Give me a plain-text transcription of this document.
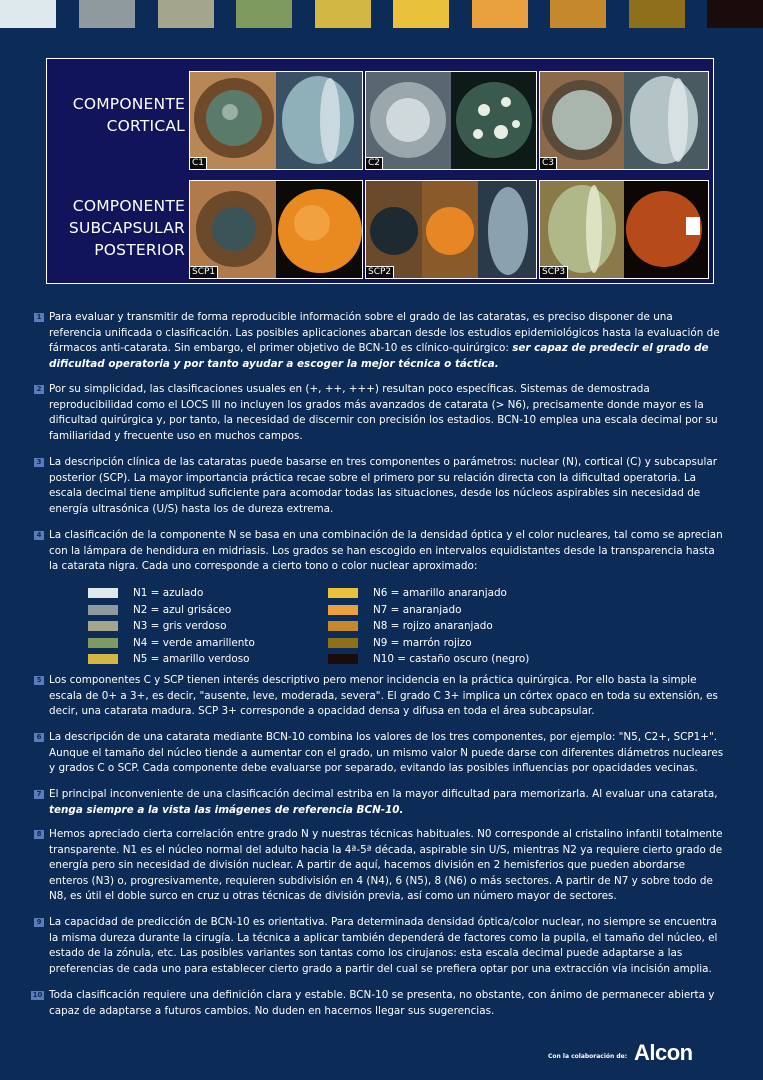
COMPONENTE
CORTICAL
COMPONENTE
SUBCAPSULAR
POSTERIOR
C1	C2	C3
SCP1	SCP2	SCP3
1 Para evaluar y transmitir de forma reproducible información sobre el grado de las cataratas, es preciso disponer de una referencia unificada o clasificación. Las posibles aplicaciones abarcan desde los estudios epidemiológicos hasta la evaluación de fármacos anti-catarata. Sin embargo, el primer objetivo de BCN-10 es clínico-quirúrgico: ser capaz de predecir el grado de dificultad operatoria y por tanto ayudar a escoger la mejor técnica o táctica.
2 Por su simplicidad, las clasificaciones usuales en (+, ++, +++) resultan poco específicas. Sistemas de demostrada reproducibilidad como el LOCS III no incluyen los grados más avanzados de catarata (> N6), precisamente donde mayor es la dificultad quirúrgica y, por tanto, la necesidad de discernir con precisión los estadios. BCN-10 emplea una escala decimal por su familiaridad y frecuente uso en muchos campos.
3 La descripción clínica de las cataratas puede basarse en tres componentes o parámetros: nuclear (N), cortical (C) y subcapsular posterior (SCP). La mayor importancia práctica recae sobre el primero por su relación directa con la dificultad operatoria. La escala decimal tiene amplitud suficiente para acomodar todas las situaciones, desde los núcleos aspirables sin necesidad de energía ultrasónica (U/S) hasta los de dureza extrema.
4 La clasificación de la componente N se basa en una combinación de la densidad óptica y el color nucleares, tal como se aprecian con la lámpara de hendidura en midriasis. Los grados se han escogido en intervalos equidistantes desde la transparencia hasta la catarata nigra. Cada uno corresponde a cierto tono o color nuclear aproximado:
N1 = azulado
N2 = azul grisáceo
N3 = gris verdoso
N4 = verde amarillento
N5 = amarillo verdoso
N6 = amarillo anaranjado
N7 = anaranjado
N8 = rojizo anaranjado
N9 = marrón rojizo
N10 = castaño oscuro (negro)
5 Los componentes C y SCP tienen interés descriptivo pero menor incidencia en la práctica quirúrgica. Por ello basta la simple escala de 0+ a 3+, es decir, "ausente, leve, moderada, severa". El grado C 3+ implica un córtex opaco en toda su extensión, es decir, una catarata madura. SCP 3+ corresponde a opacidad densa y difusa en toda el área subcapsular.
6 La descripción de una catarata mediante BCN-10 combina los valores de los tres componentes, por ejemplo: "N5, C2+, SCP1+". Aunque el tamaño del núcleo tiende a aumentar con el grado, un mismo valor N puede darse con diferentes diámetros nucleares y grados C o SCP. Cada componente debe evaluarse por separado, evitando las posibles influencias por opacidades vecinas.
7 El principal inconveniente de una clasificación decimal estriba en la mayor dificultad para memorizarla. Al evaluar una catarata, tenga siempre a la vista las imágenes de referencia BCN-10.
8 Hemos apreciado cierta correlación entre grado N y nuestras técnicas habituales. N0 corresponde al cristalino infantil totalmente transparente. N1 es el núcleo normal del adulto hacia la 4ª-5ª década, aspirable sin U/S, mientras N2 ya requiere cierto grado de energía pero sin necesidad de división nuclear. A partir de aquí, hacemos división en 2 hemisferios que pueden abordarse enteros (N3) o, progresivamente, requieren subdivisión en 4 (N4), 6 (N5), 8 (N6) o más sectores. A partir de N7 y sobre todo de N8, es útil el doble surco en cruz u otras técnicas de división previa, así como un número mayor de sectores.
9 La capacidad de predicción de BCN-10 es orientativa. Para determinada densidad óptica/color nuclear, no siempre se encuentra la misma dureza durante la cirugía. La técnica a aplicar también dependerá de factores como la pupila, el tamaño del núcleo, el estado de la zónula, etc. Las posibles variantes son tantas como los cirujanos: esta escala decimal puede adaptarse a las preferencias de cada uno para establecer cierto grado a partir del cual se prefiera optar por una extracción vía incisión amplia.
10 Toda clasificación requiere una definición clara y estable. BCN-10 se presenta, no obstante, con ánimo de permanecer abierta y capaz de adaptarse a futuros cambios. No duden en hacernos llegar sus sugerencias.
Con la colaboración de: Alcon
